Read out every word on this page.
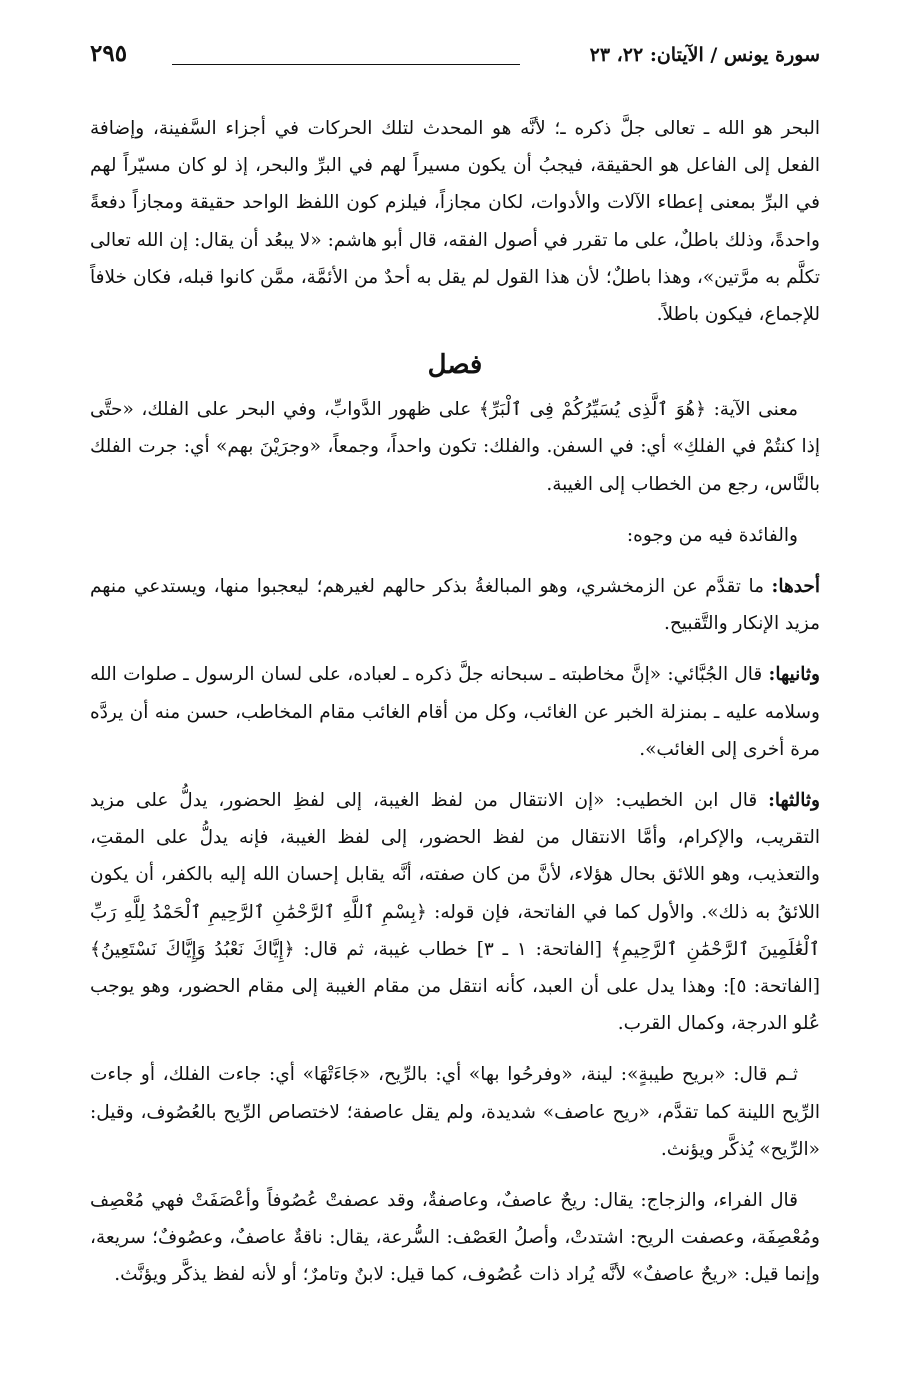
سورة يونس / الآيتان: ٢٢، ٢٣
٢٩٥

البحر هو الله ـ تعالى جلَّ ذكره ـ؛ لأنَّه هو المحدث لتلك الحركات في أجزاء السَّفينة، وإضافة الفعل إلى الفاعل هو الحقيقة، فيجبُ أن يكون مسيراً لهم في البرِّ والبحر، إذ لو كان مسيّراً لهم في البرِّ بمعنى إعطاء الآلات والأدوات، لكان مجازاً، فيلزم كون اللفظ الواحد حقيقة ومجازاً دفعةً واحدةً، وذلك باطلٌ، على ما تقرر في أصول الفقه، قال أبو هاشم: «لا يبعُد أن يقال: إن الله تعالى تكلَّم به مرَّتين»، وهذا باطلٌ؛ لأن هذا القول لم يقل به أحدٌ من الأئمَّة، ممَّن كانوا قبله، فكان خلافاً للإجماع، فيكون باطلاً.

فصل

معنى الآية: ﴿هُوَ ٱلَّذِى يُسَيِّرُكُمْ فِى ٱلْبَرِّ﴾ على ظهور الدَّوابِّ، وفي البحر على الفلك، «حتَّى إذا كنتُمْ في الفلكِ» أي: في السفن. والفلك: تكون واحداً، وجمعاً، «وجرَيْنَ بهم» أي: جرت الفلك بالنَّاس، رجع من الخطاب إلى الغيبة.

والفائدة فيه من وجوه:

أحدها: ما تقدَّم عن الزمخشري، وهو المبالغةُ بذكر حالهم لغيرهم؛ ليعجبوا منها، ويستدعي منهم مزيد الإنكار والتَّقبيح.

وثانيها: قال الجُبَّائي: «إنَّ مخاطبته ـ سبحانه جلَّ ذكره ـ لعباده، على لسان الرسول ـ صلوات الله وسلامه عليه ـ بمنزلة الخبر عن الغائب، وكل من أقام الغائب مقام المخاطب، حسن منه أن يردَّه مرة أخرى إلى الغائب».

وثالثها: قال ابن الخطيب: «إن الانتقال من لفظ الغيبة، إلى لفظِ الحضور، يدلُّ على مزيد التقريب، والإكرام، وأمَّا الانتقال من لفظ الحضور، إلى لفظ الغيبة، فإنه يدلُّ على المقتِ، والتعذيب، وهو اللائق بحال هؤلاء، لأنَّ من كان صفته، أنَّه يقابل إحسان الله إليه بالكفر، أن يكون اللائقُ به ذلك». والأول كما في الفاتحة، فإن قوله: ﴿بِسْمِ ٱللَّهِ ٱلرَّحْمَٰنِ ٱلرَّحِيمِ ٱلْحَمْدُ لِلَّهِ رَبِّ ٱلْعَٰلَمِينَ ٱلرَّحْمَٰنِ ٱلرَّحِيمِ﴾ [الفاتحة: ١ ـ ٣] خطاب غيبة، ثم قال: ﴿إِيَّاكَ نَعْبُدُ وَإِيَّاكَ نَسْتَعِينُ﴾ [الفاتحة: ٥]: وهذا يدل على أن العبد، كأنه انتقل من مقام الغيبة إلى مقام الحضور، وهو يوجب عُلو الدرجة، وكمال القرب.

ثـم قال: «بريح طيبةٍ»: لينة، «وفرحُوا بها» أي: بالرِّيح، «جَاءَتْهَا» أي: جاءت الفلك، أو جاءت الرِّيح اللينة كما تقدَّم، «ريح عاصف» شديدة، ولم يقل عاصفة؛ لاختصاص الرِّيح بالعُصُوف، وقيل: «الرِّيح» يُذكَّر ويؤنث.

قال الفراء، والزجاج: يقال: ريحٌ عاصفٌ، وعاصفةٌ، وقد عصفتْ عُصُوفاً وأعْصَفَتْ فهي مُعْصِف ومُعْصِفَة، وعصفت الريح: اشتدتْ، وأصلُ العَصْف: السُّرعة، يقال: ناقةٌ عاصفٌ، وعصُوفٌ؛ سريعة، وإنما قيل: «ريحٌ عاصفٌ» لأنَّه يُراد ذات عُصُوف، كما قيل: لابنٌ وتامرٌ؛ أو لأنه لفظ يذكَّر ويؤنَّث.
